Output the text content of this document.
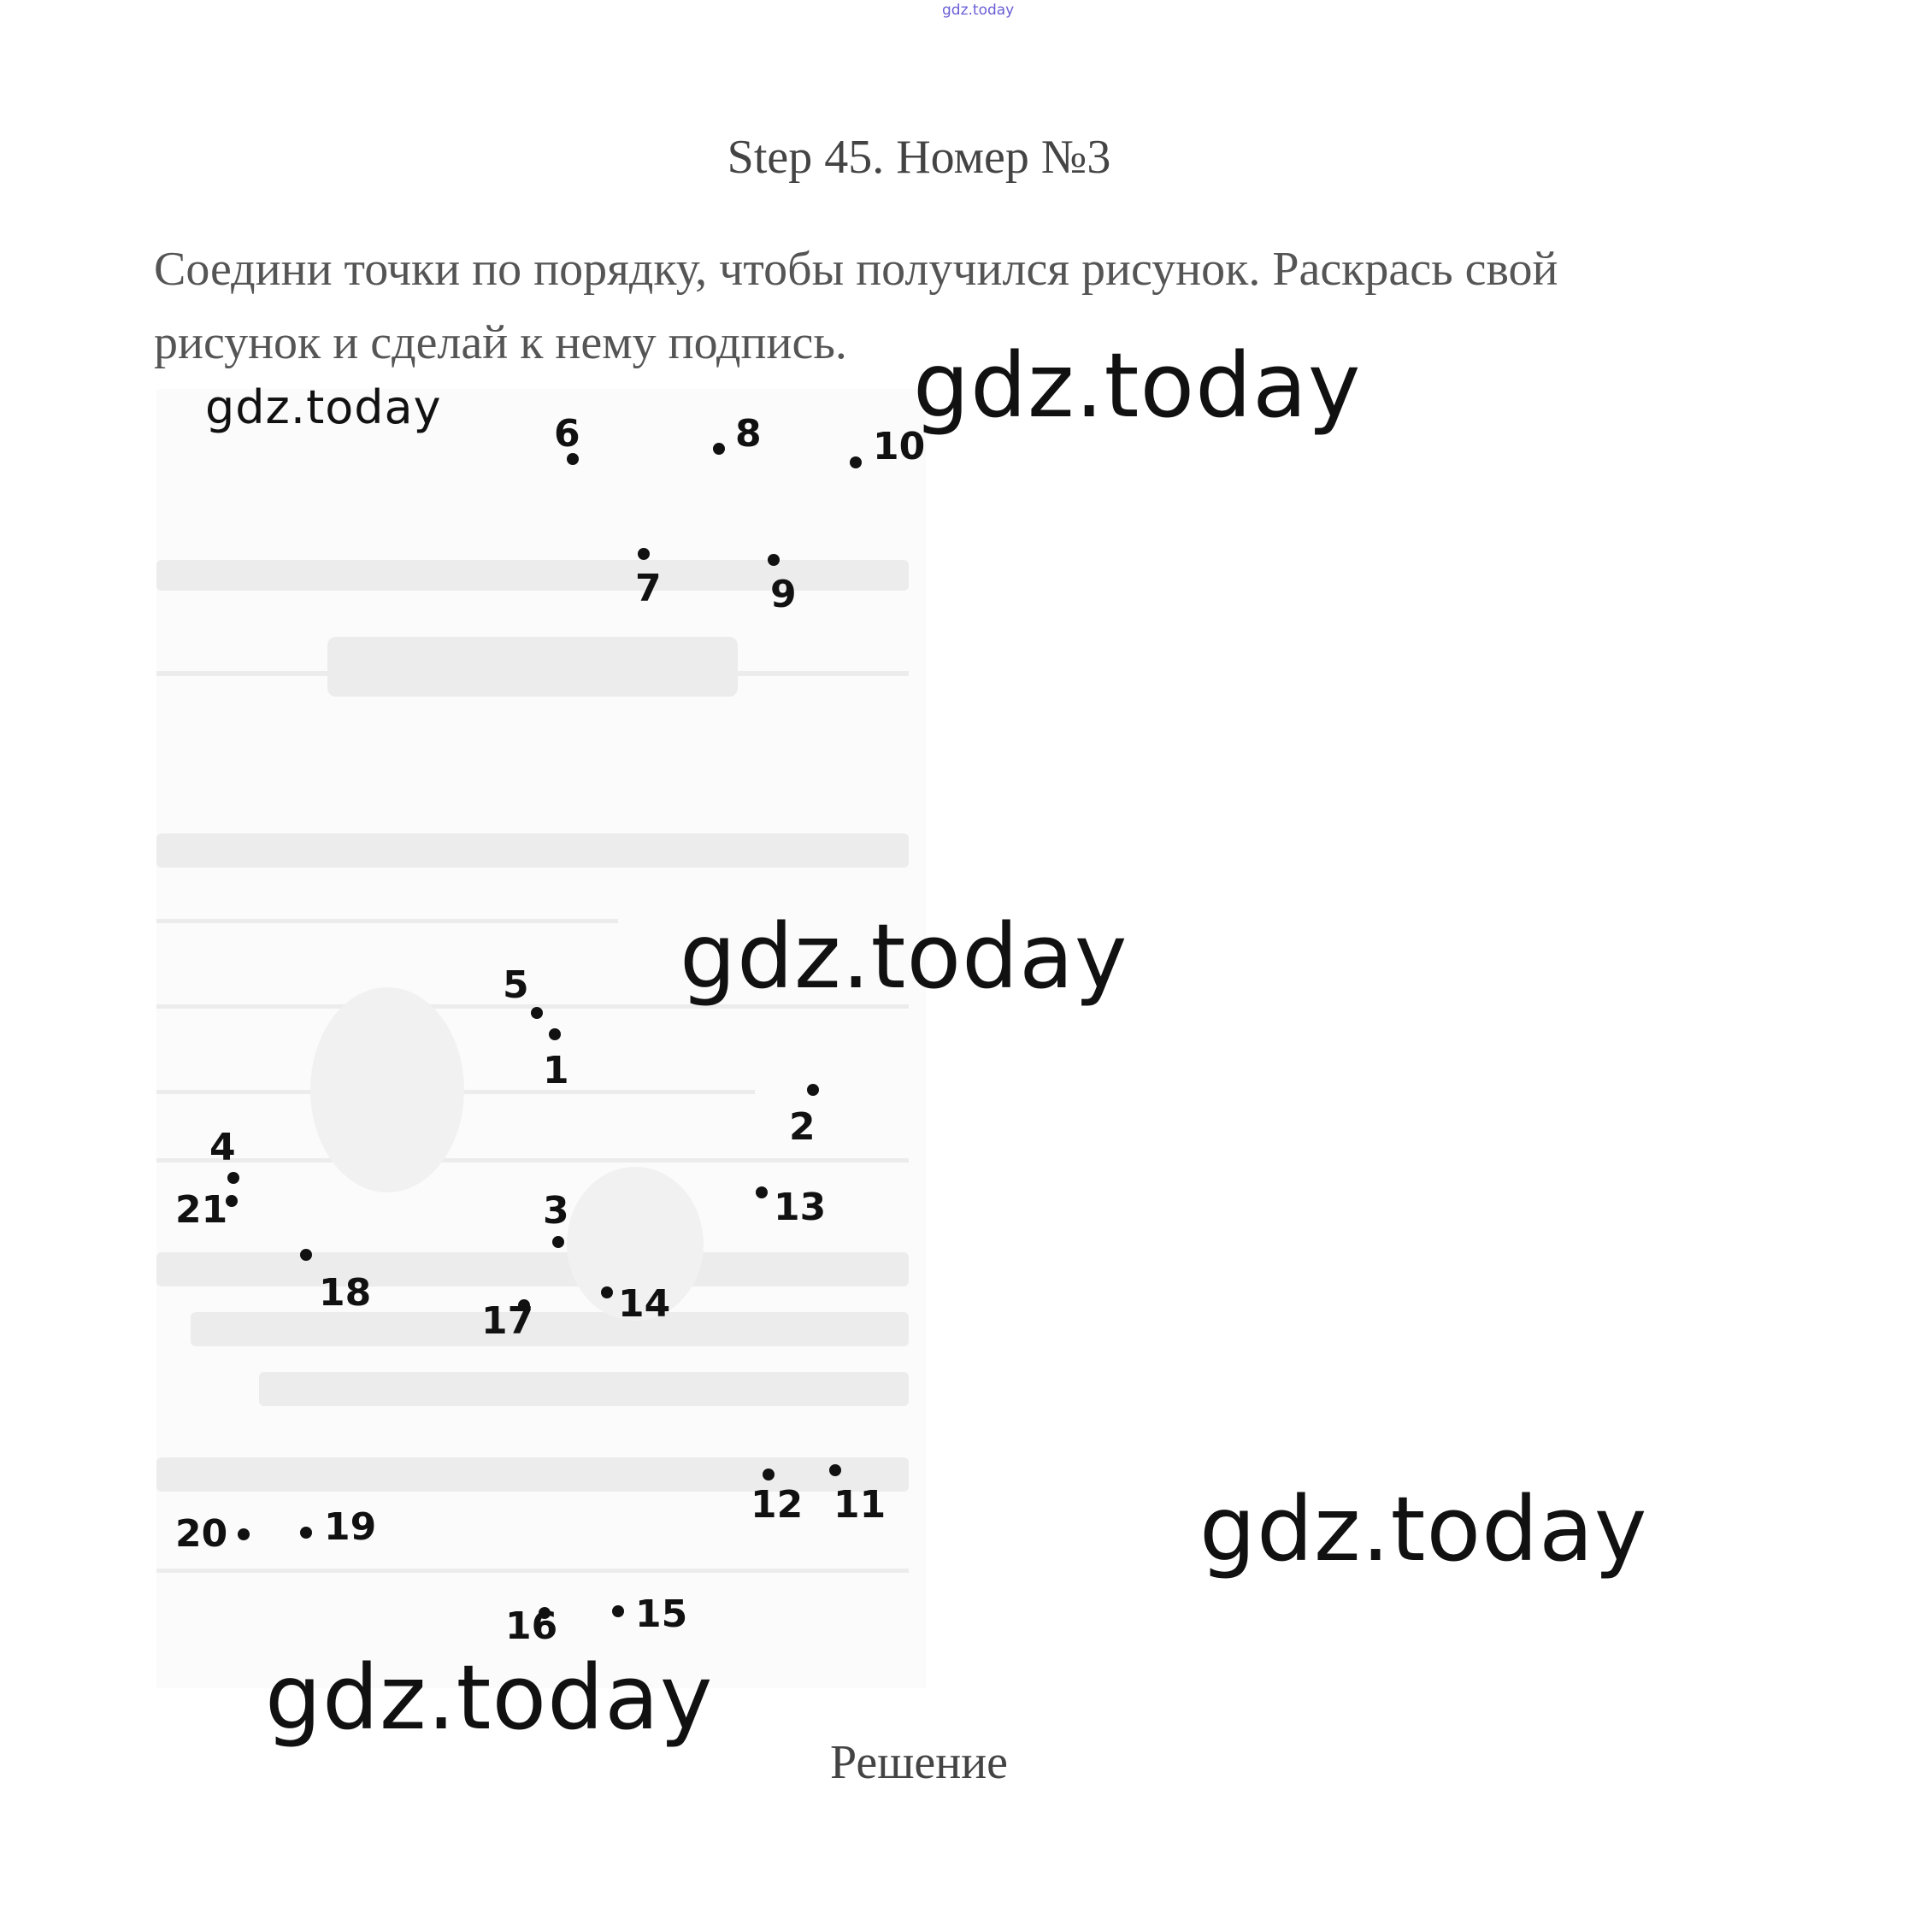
gdz.today
Step 45. Номер №3
Соедини точки по порядку, чтобы получился рисунок. Раскрась свой
рисунок и сделай к нему подпись.
1
2
3
4
5
6
7
8
9
10
11
12
13
14
15
16
17
18
19
20
21
Решение
gdz.today	gdz.today
gdz.today
gdz.today
gdz.today
